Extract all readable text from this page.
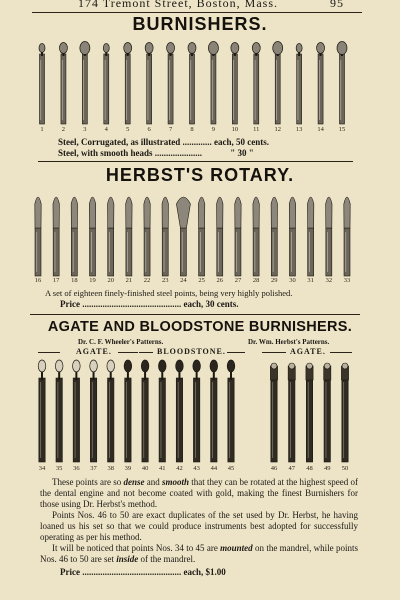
174 Tremont Street, Boston, Mass.	95
BURNISHERS.
1	2	3	4	5	6	7	8	9	10 11 12 13 14 15
Steel, Corrugated, as illustrated ............. each, 50 cents.
Steel, with smooth heads .....................	" 30 "
HERBST'S ROTARY.
16 17 18 19 20 21 22 23 24 25 26 27 28 29 30 31 32 33
A set of eighteen finely-finished steel points, being very highly polished.
Price ............................................ each, 30 cents.
AGATE AND BLOODSTONE BURNISHERS.
Dr. C. F. Wheeler's Patterns.	Dr. Wm. Herbst's Patterns.
AGATE.	BLOODSTONE.	AGATE.
34 35 36 37 38 39 40 41 42 43 44 45	46 47 48 49 50
These points are so dense and smooth that they can be rotated at the highest speed of the dental engine and not become coated with gold, making the finest Burnishers for those using Dr. Herbst's method.
Points Nos. 46 to 50 are exact duplicates of the set used by Dr. Herbst, he having loaned us his set so that we could produce instruments best adopted for successfully operating as per his method.
It will be noticed that points Nos. 34 to 45 are mounted on the mandrel, while points Nos. 46 to 50 are set inside of the mandrel.
Price ............................................ each, $1.00
